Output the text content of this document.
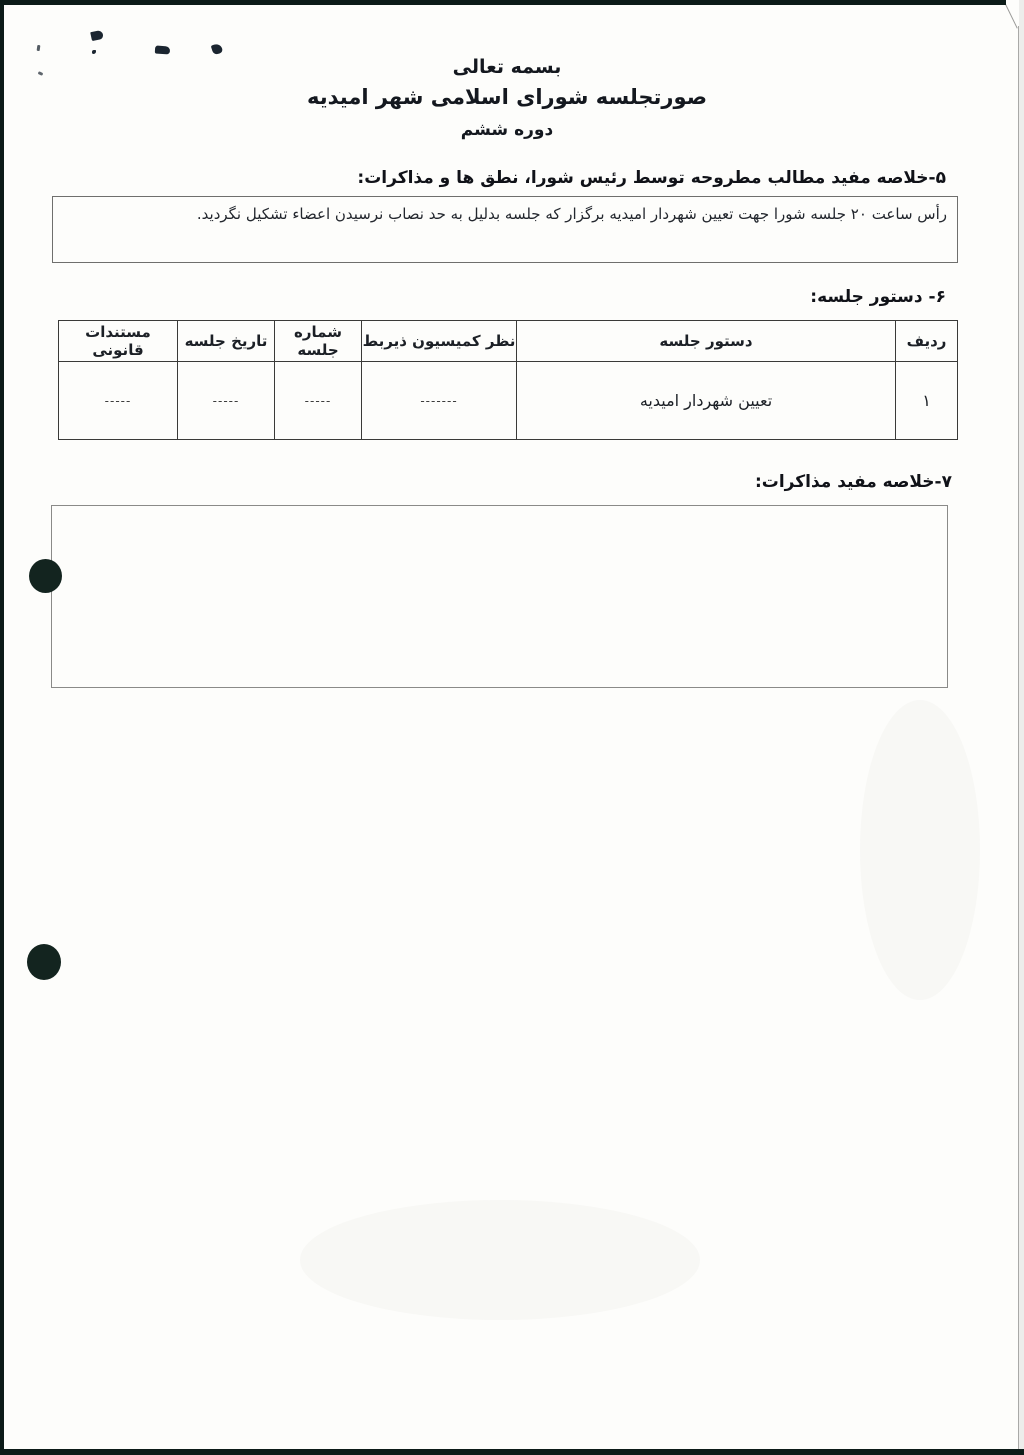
بسمه تعالی
صورتجلسه شورای اسلامی شهر امیدیه
دوره ششم
۵-خلاصه مفید مطالب مطروحه توسط رئیس شورا، نطق ها و مذاکرات:
رأس ساعت ۲۰ جلسه شورا جهت تعیین شهردار امیدیه برگزار که جلسه بدلیل به حد نصاب نرسیدن اعضاء تشکیل نگردید.
۶- دستور جلسه:
ردیف	دستور جلسه	نظر کمیسیون ذیربط	شماره جلسه	تاریخ جلسه	مستندات قانونی
۱	تعیین شهردار امیدیه	-------	-----	-----	-----
۷-خلاصه مفید مذاکرات:
